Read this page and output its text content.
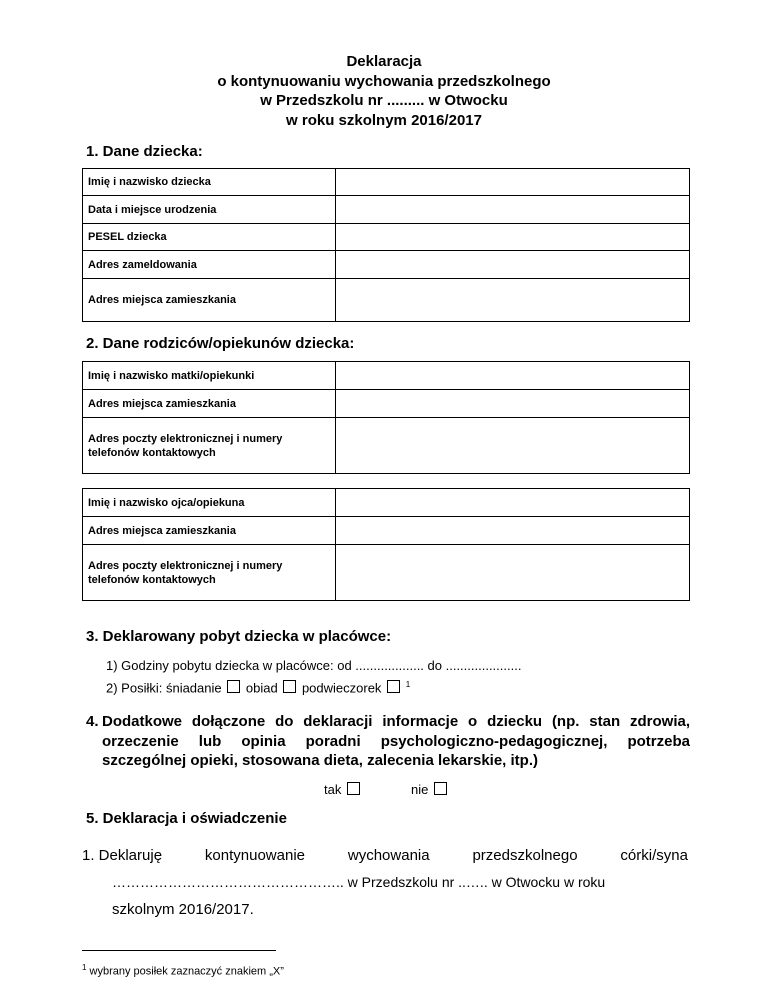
Deklaracja
o kontynuowaniu wychowania przedszkolnego
w Przedszkolu nr ......... w Otwocku
w roku szkolnym 2016/2017
1. Dane dziecka:
Imię i nazwisko dziecka	
Data i miejsce urodzenia	
PESEL dziecka	
Adres zameldowania	
Adres miejsca zamieszkania	
2. Dane rodziców/opiekunów dziecka:
Imię i nazwisko matki/opiekunki	
Adres miejsca zamieszkania	
Adres poczty elektronicznej i numery telefonów kontaktowych	
Imię i nazwisko ojca/opiekuna	
Adres miejsca zamieszkania	
Adres poczty elektronicznej i numery telefonów kontaktowych	
3. Deklarowany pobyt dziecka w placówce:
1) Godziny pobytu dziecka w placówce: od ................... do .....................
2) Posiłki: śniadanie obiad podwieczorek	$^1$
4. Dodatkowe dołączone do deklaracji informacje o dziecku (np. stan zdrowia, orzeczenie lub opinia poradni psychologiczno-pedagogicznej, potrzeba szczególnej opieki, stosowana dieta, zalecenia lekarskie, itp.)
tak	nie
5. Deklaracja i oświadczenie
1. Deklaruję	kontynuowanie	wychowania	przedszkolnego	córki/syna
………………………………………….. w Przedszkolu nr ..….. w Otwocku w roku
szkolnym 2016/2017.
$^1$ wybrany posiłek zaznaczyć znakiem „X”
